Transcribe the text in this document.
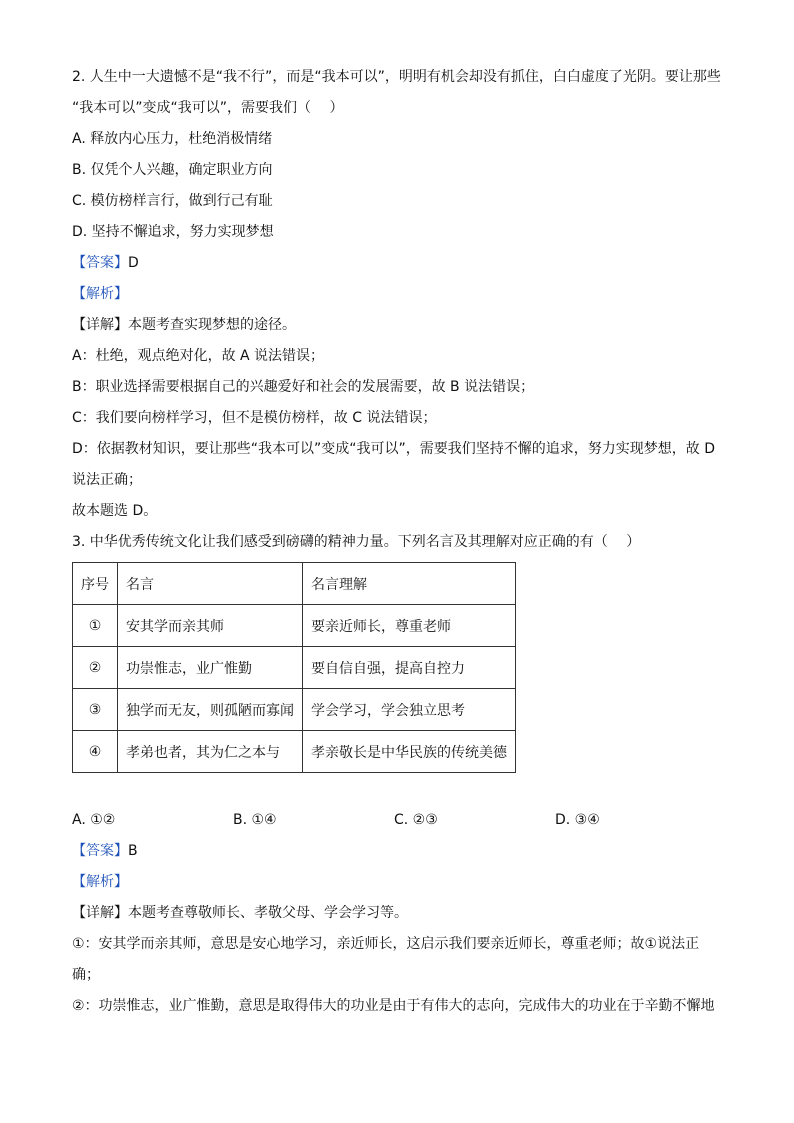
2. 人生中一大遗憾不是“我不行”，而是“我本可以”，明明有机会却没有抓住，白白虚度了光阴。要让那些
“我本可以”变成“我可以”，需要我们（　 ）
A. 释放内心压力，杜绝消极情绪
B. 仅凭个人兴趣，确定职业方向
C. 模仿榜样言行，做到行己有耻
D. 坚持不懈追求，努力实现梦想
【答案】D
【解析】
【详解】本题考查实现梦想的途径。
A：杜绝，观点绝对化，故 A 说法错误；
B：职业选择需要根据自己的兴趣爱好和社会的发展需要，故 B 说法错误；
C：我们要向榜样学习，但不是模仿榜样，故 C 说法错误；
D：依据教材知识，要让那些“我本可以”变成“我可以”，需要我们坚持不懈的追求，努力实现梦想，故 D
说法正确；
故本题选 D。
3. 中华优秀传统文化让我们感受到磅礴的精神力量。下列名言及其理解对应正确的有（　 ）
序号	名言	名言理解
①	安其学而亲其师	要亲近师长，尊重老师
②	功崇惟志，业广惟勤	要自信自强，提高自控力
③	独学而无友，则孤陋而寡闻	学会学习，学会独立思考
④	孝弟也者，其为仁之本与	孝亲敬长是中华民族的传统美德
A. ①②	B. ①④	C. ②③	D. ③④
【答案】B
【解析】
【详解】本题考查尊敬师长、孝敬父母、学会学习等。
①：安其学而亲其师，意思是安心地学习，亲近师长，这启示我们要亲近师长，尊重老师；故①说法正
确；
②：功崇惟志，业广惟勤，意思是取得伟大的功业是由于有伟大的志向，完成伟大的功业在于辛勤不懈地
